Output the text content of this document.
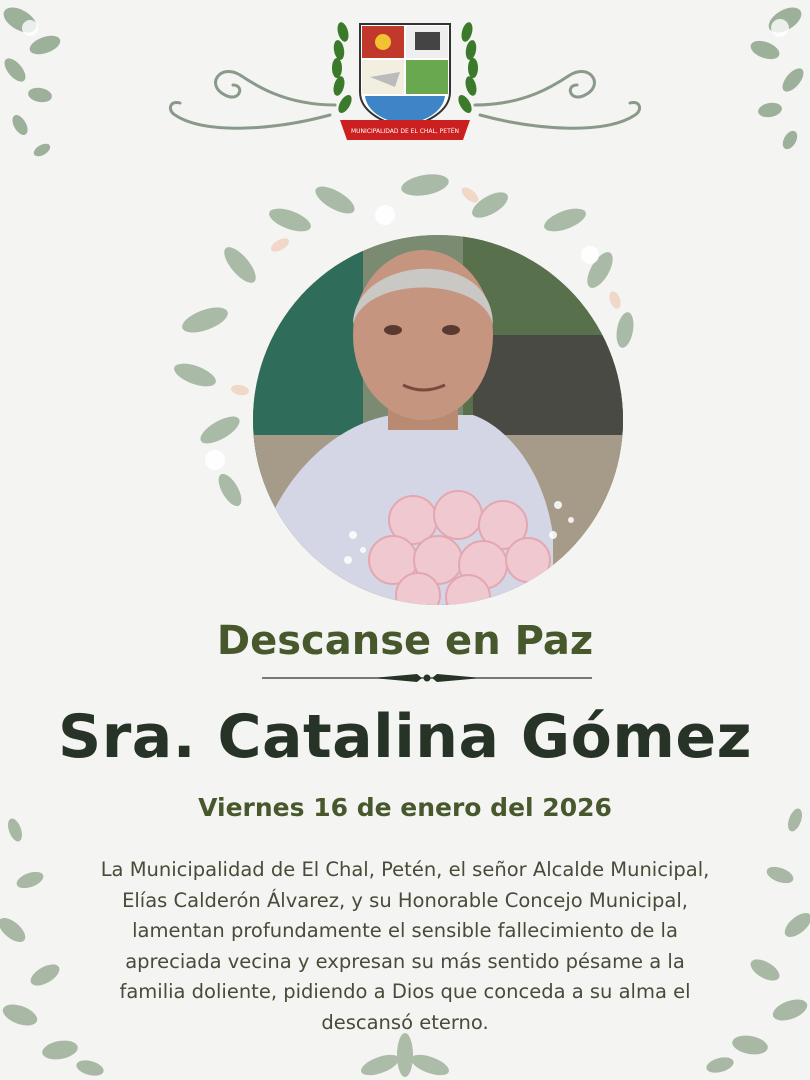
MUNICIPALIDAD DE EL CHAL, PETÉN
Descanse en Paz
Sra. Catalina Gómez
Viernes 16 de enero del 2026
La Municipalidad de El Chal, Petén, el señor Alcalde Municipal, Elías Calderón Álvarez, y su Honorable Concejo Municipal, lamentan profundamente el sensible fallecimiento de la apreciada vecina y expresan su más sentido pésame a la familia doliente, pidiendo a Dios que conceda a su alma el descansó eterno.
